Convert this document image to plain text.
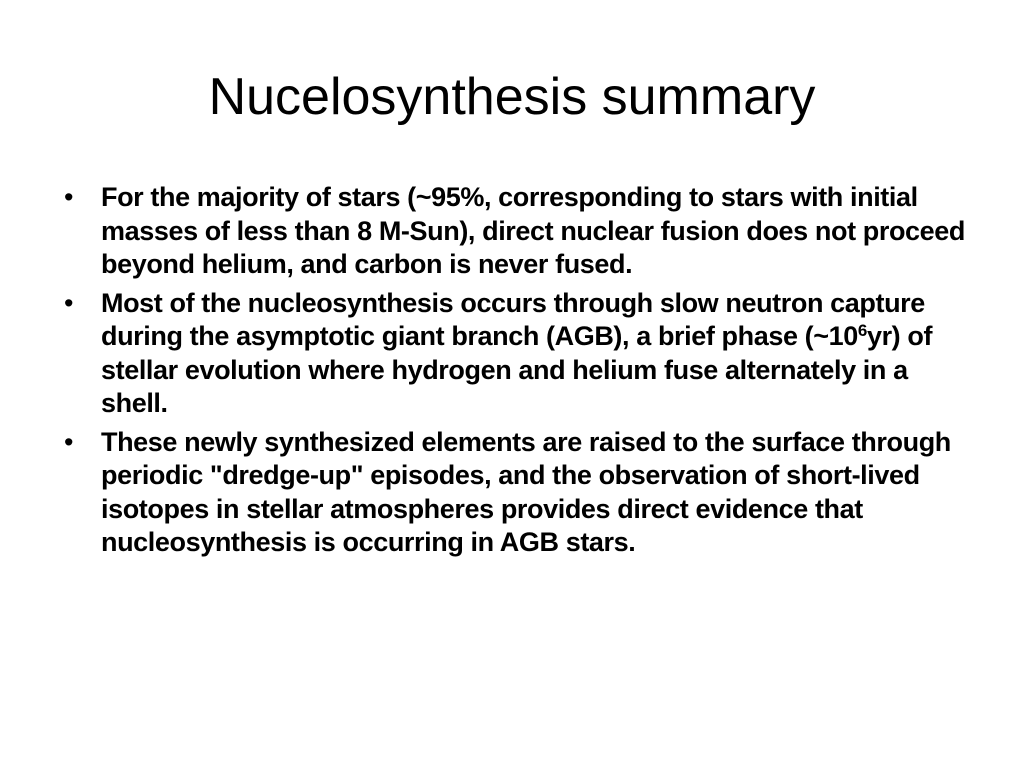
Nucelosynthesis summary
• For the majority of stars (~95%, corresponding to stars with initial masses of less than 8 M-Sun), direct nuclear fusion does not proceed beyond helium, and carbon is never fused.
• Most of the nucleosynthesis occurs through slow neutron capture during the asymptotic giant branch (AGB), a brief phase $(\sim 10^6yr)$ of stellar evolution where hydrogen and helium fuse alternately in a shell.
• These newly synthesized elements are raised to the surface through periodic "dredge-up" episodes, and the observation of short-lived isotopes in stellar atmospheres provides direct evidence that nucleosynthesis is occurring in AGB stars.
